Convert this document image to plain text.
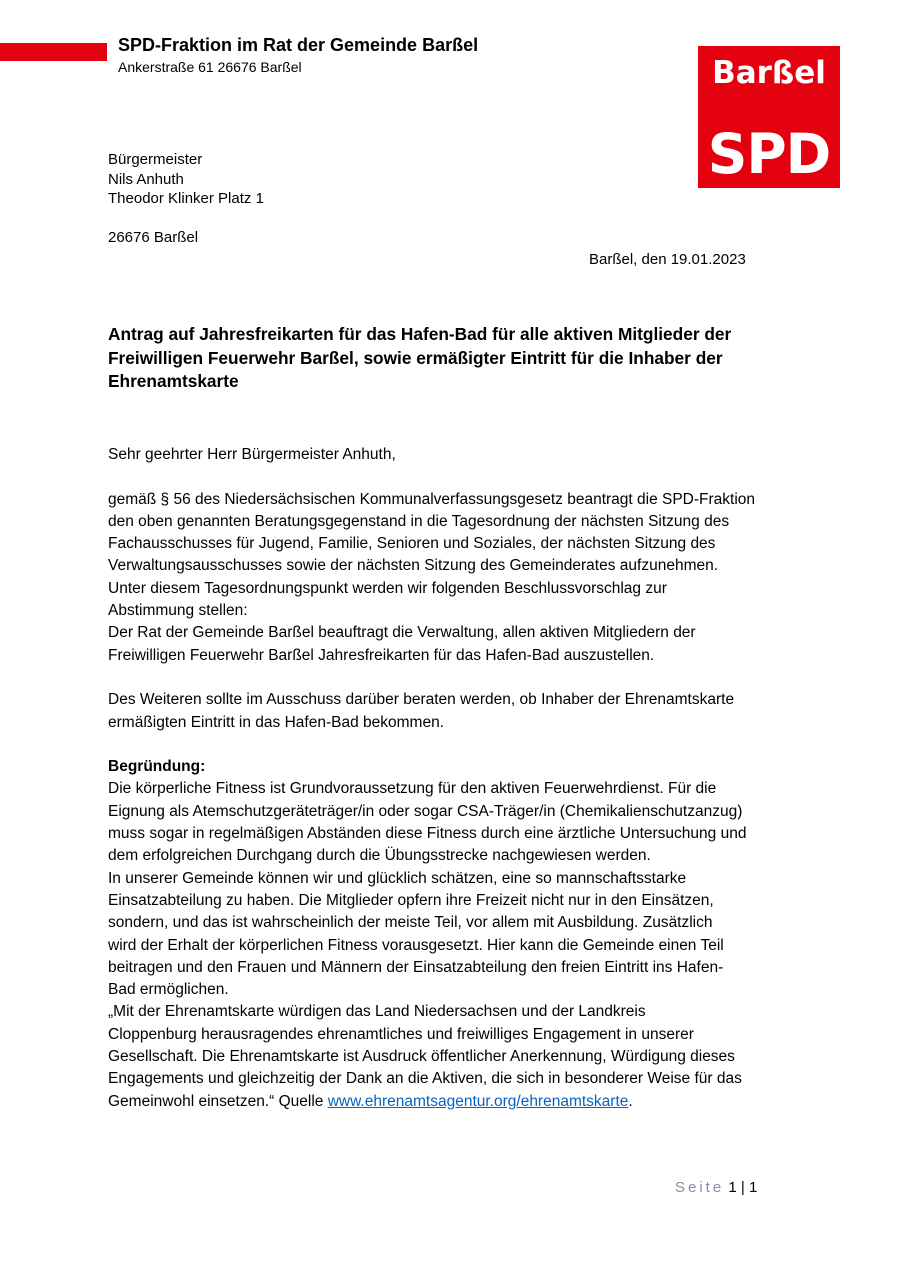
SPD-Fraktion im Rat der Gemeinde Barßel
Ankerstraße 61 26676 Barßel	Barßel
SPD
Bürgermeister
Nils Anhuth
Theodor Klinker Platz 1
26676 Barßel
Barßel, den 19.01.2023
Antrag auf Jahresfreikarten für das Hafen-Bad für alle aktiven Mitglieder der
Freiwilligen Feuerwehr Barßel, sowie ermäßigter Eintritt für die Inhaber der
Ehrenamtskarte
Sehr geehrter Herr Bürgermeister Anhuth,
gemäß § 56 des Niedersächsischen Kommunalverfassungsgesetz beantragt die SPD-Fraktion
den oben genannten Beratungsgegenstand in die Tagesordnung der nächsten Sitzung des
Fachausschusses für Jugend, Familie, Senioren und Soziales, der nächsten Sitzung des
Verwaltungsausschusses sowie der nächsten Sitzung des Gemeinderates aufzunehmen.
Unter diesem Tagesordnungspunkt werden wir folgenden Beschlussvorschlag zur
Abstimmung stellen:
Der Rat der Gemeinde Barßel beauftragt die Verwaltung, allen aktiven Mitgliedern der
Freiwilligen Feuerwehr Barßel Jahresfreikarten für das Hafen-Bad auszustellen.
Des Weiteren sollte im Ausschuss darüber beraten werden, ob Inhaber der Ehrenamtskarte
ermäßigten Eintritt in das Hafen-Bad bekommen.
Begründung:
Die körperliche Fitness ist Grundvoraussetzung für den aktiven Feuerwehrdienst. Für die
Eignung als Atemschutzgeräteträger/in oder sogar CSA-Träger/in (Chemikalienschutzanzug)
muss sogar in regelmäßigen Abständen diese Fitness durch eine ärztliche Untersuchung und
dem erfolgreichen Durchgang durch die Übungsstrecke nachgewiesen werden.
In unserer Gemeinde können wir und glücklich schätzen, eine so mannschaftsstarke
Einsatzabteilung zu haben. Die Mitglieder opfern ihre Freizeit nicht nur in den Einsätzen,
sondern, und das ist wahrscheinlich der meiste Teil, vor allem mit Ausbildung. Zusätzlich
wird der Erhalt der körperlichen Fitness vorausgesetzt. Hier kann die Gemeinde einen Teil
beitragen und den Frauen und Männern der Einsatzabteilung den freien Eintritt ins Hafen-
Bad ermöglichen.
„Mit der Ehrenamtskarte würdigen das Land Niedersachsen und der Landkreis
Cloppenburg herausragendes ehrenamtliches und freiwilliges Engagement in unserer
Gesellschaft. Die Ehrenamtskarte ist Ausdruck öffentlicher Anerkennung, Würdigung dieses
Engagements und gleichzeitig der Dank an die Aktiven, die sich in besonderer Weise für das
Gemeinwohl einsetzen.“ Quelle www.ehrenamtsagentur.org/ehrenamtskarte.
Seite 1 | 1
